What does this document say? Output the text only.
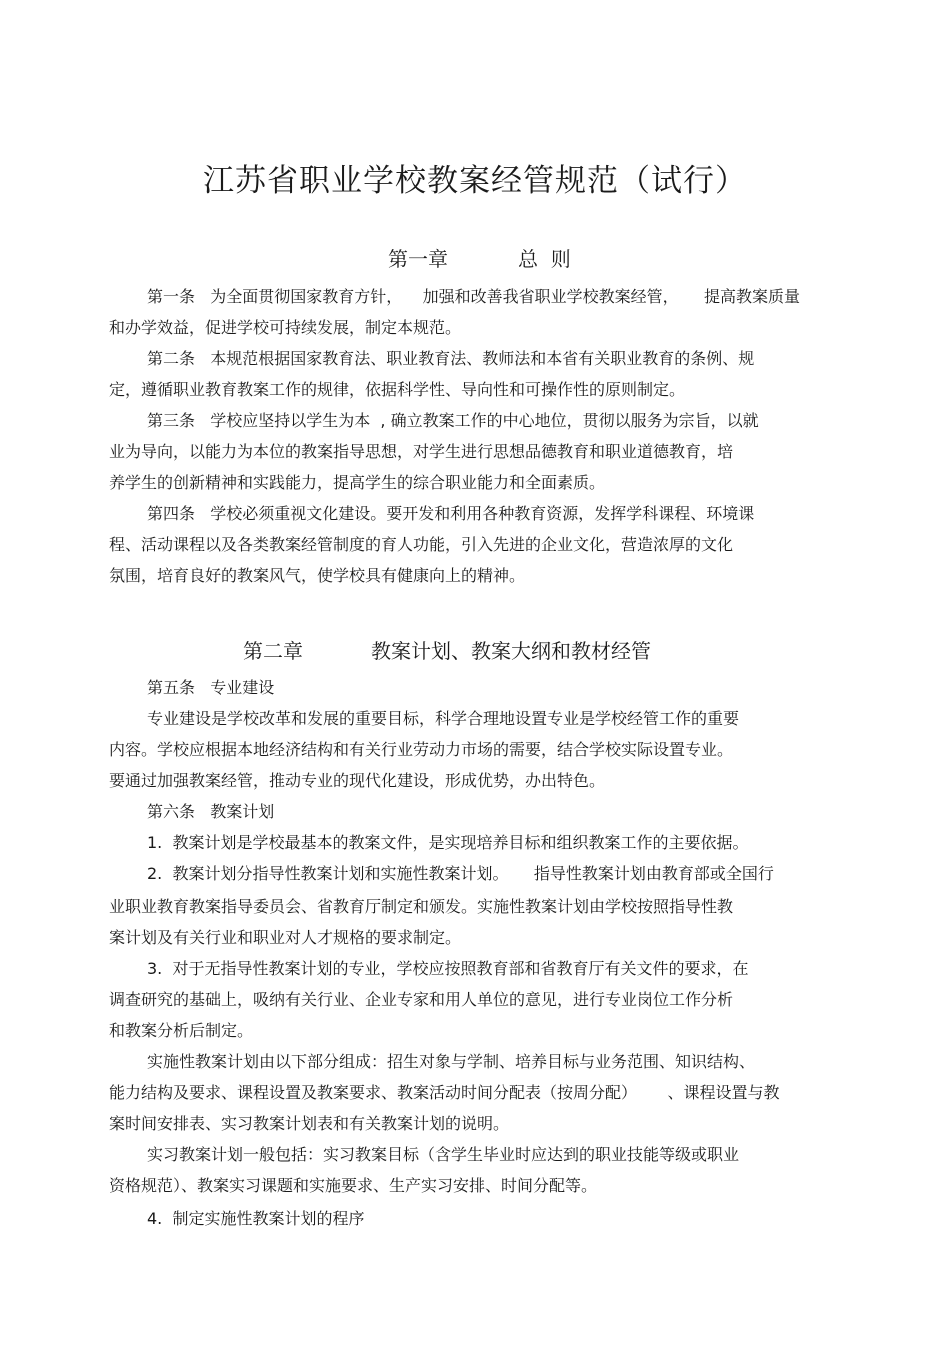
江苏省职业学校教案经管规范（试行）
第一章	总  则
第一条   为全面贯彻国家教育方针，    加强和改善我省职业学校教案经管，     提高教案质量
和办学效益，促进学校可持续发展，制定本规范。
第二条   本规范根据国家教育法、职业教育法、教师法和本省有关职业教育的条例、规
定，遵循职业教育教案工作的规律，依据科学性、导向性和可操作性的原则制定。
第三条   学校应坚持以学生为本  , 确立教案工作的中心地位，贯彻以服务为宗旨，以就
业为导向，以能力为本位的教案指导思想，对学生进行思想品德教育和职业道德教育，培
养学生的创新精神和实践能力，提高学生的综合职业能力和全面素质。
第四条   学校必须重视文化建设。要开发和利用各种教育资源，发挥学科课程、环境课
程、活动课程以及各类教案经管制度的育人功能，引入先进的企业文化，营造浓厚的文化
氛围，培育良好的教案风气，使学校具有健康向上的精神。
第二章	教案计划、教案大纲和教材经管
第五条   专业建设
专业建设是学校改革和发展的重要目标，科学合理地设置专业是学校经管工作的重要
内容。学校应根据本地经济结构和有关行业劳动力市场的需要，结合学校实际设置专业。
要通过加强教案经管，推动专业的现代化建设，形成优势，办出特色。
第六条   教案计划
1.  教案计划是学校最基本的教案文件，是实现培养目标和组织教案工作的主要依据。
2.  教案计划分指导性教案计划和实施性教案计划。     指导性教案计划由教育部或全国行
业职业教育教案指导委员会、省教育厅制定和颁发。实施性教案计划由学校按照指导性教
案计划及有关行业和职业对人才规格的要求制定。
3.  对于无指导性教案计划的专业，学校应按照教育部和省教育厅有关文件的要求，在
调查研究的基础上，吸纳有关行业、企业专家和用人单位的意见，进行专业岗位工作分析
和教案分析后制定。
实施性教案计划由以下部分组成：招生对象与学制、培养目标与业务范围、知识结构、
能力结构及要求、课程设置及教案要求、教案活动时间分配表（按周分配）      、课程设置与教
案时间安排表、实习教案计划表和有关教案计划的说明。
实习教案计划一般包括：实习教案目标（含学生毕业时应达到的职业技能等级或职业
资格规范）、教案实习课题和实施要求、生产实习安排、时间分配等。
4.  制定实施性教案计划的程序
